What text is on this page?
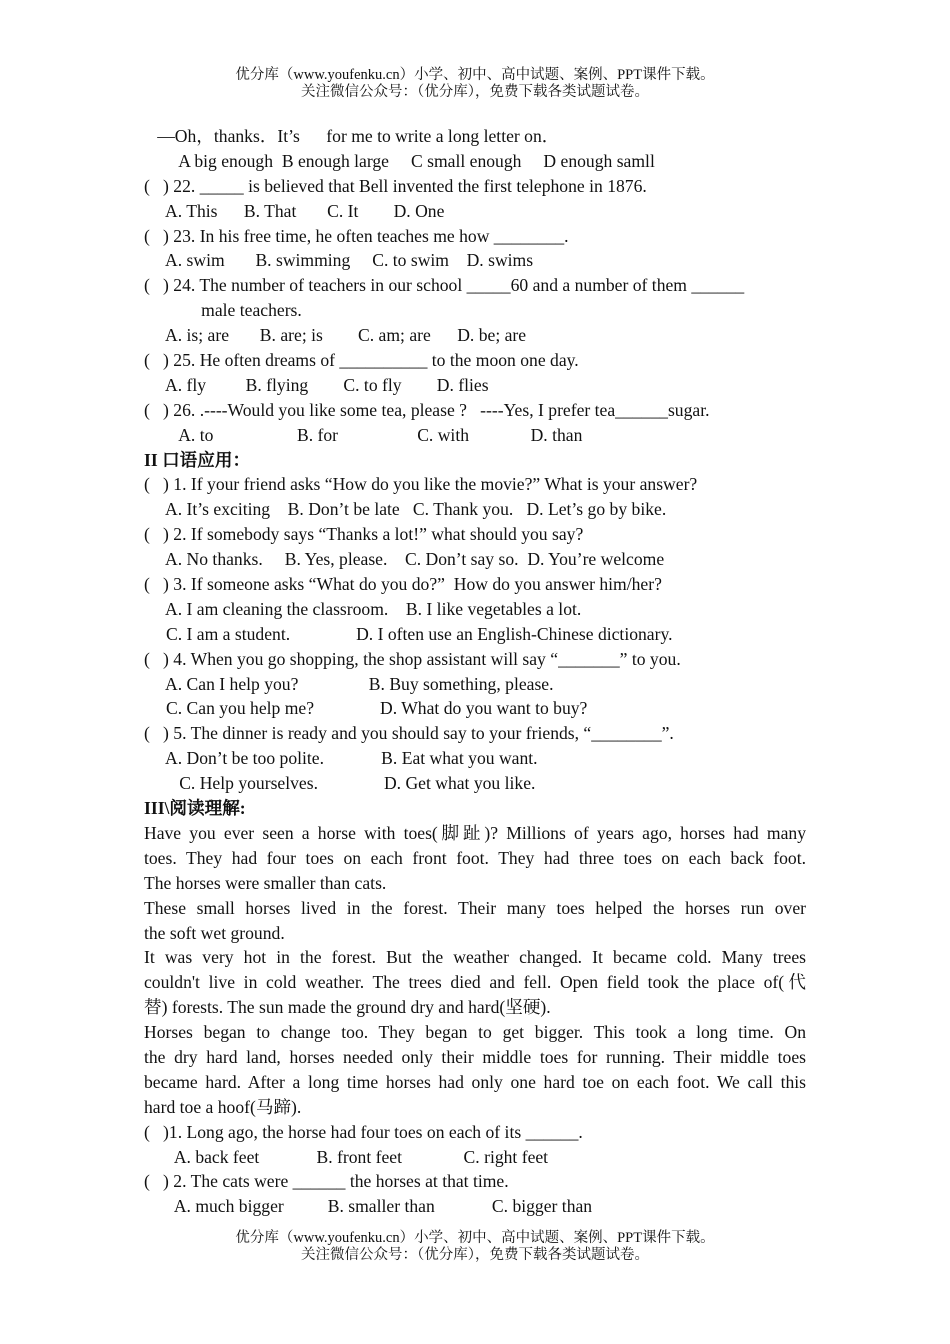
优分库（www.youfenku.cn）小学、初中、高中试题、案例、PPT课件下载。
关注微信公众号：（优分库），免费下载各类试题试卷。
—Oh，thanks．It’s      for me to write a long letter on．
A big enough  B enough large     C small enough     D enough samll
(   ) 22. _____ is believed that Bell invented the first telephone in 1876.
A. This      B. That       C. It        D. One
(   ) 23. In his free time, he often teaches me how ________.
A. swim       B. swimming     C. to swim    D. swims
(   ) 24. The number of teachers in our school _____60 and a number of them ______
male teachers.
A. is; are       B. are; is        C. am; are      D. be; are
(   ) 25. He often dreams of __________ to the moon one day.
A. fly         B. flying        C. to fly        D. flies
(   ) 26. .----Would you like some tea, please ?   ----Yes, I prefer tea______sugar.
A. to                   B. for                  C. with              D. than
II 口语应用：
(   ) 1. If your friend asks “How do you like the movie?” What is your answer?
A. It’s exciting    B. Don’t be late   C. Thank you.   D. Let’s go by bike.
(   ) 2. If somebody says “Thanks a lot!” what should you say?
A. No thanks.     B. Yes, please.    C. Don’t say so.  D. You’re welcome
(   ) 3. If someone asks “What do you do?”  How do you answer him/her?
A. I am cleaning the classroom.    B. I like vegetables a lot.
C. I am a student.               D. I often use an English-Chinese dictionary.
(   ) 4. When you go shopping, the shop assistant will say “_______” to you.
A. Can I help you?                B. Buy something, please.
C. Can you help me?               D. What do you want to buy?
(   ) 5. The dinner is ready and you should say to your friends, “________”.
A. Don’t be too polite.             B. Eat what you want.
C. Help yourselves.               D. Get what you like.
III\阅读理解:
Have you ever seen a horse with toes(脚趾)? Millions of years ago, horses had many
toes. They had four toes on each front foot. They had three toes on each back foot.
The horses were smaller than cats.
These small horses lived in the forest. Their many toes helped the horses run over
the soft wet ground.
It was very hot in the forest. But the weather changed. It became cold. Many trees
couldn't live in cold weather. The trees died and fell. Open field took the place of(代
替) forests. The sun made the ground dry and hard(坚硬).
Horses began to change too. They began to get bigger. This took a long time. On
the dry hard land, horses needed only their middle toes for running. Their middle toes
became hard. After a long time horses had only one hard toe on each foot. We call this
hard toe a hoof(马蹄).
(   )1. Long ago, the horse had four toes on each of its ______.
A. back feet             B. front feet              C. right feet
(   ) 2. The cats were ______ the horses at that time.
A. much bigger          B. smaller than             C. bigger than
优分库（www.youfenku.cn）小学、初中、高中试题、案例、PPT课件下载。
关注微信公众号：（优分库），免费下载各类试题试卷。
